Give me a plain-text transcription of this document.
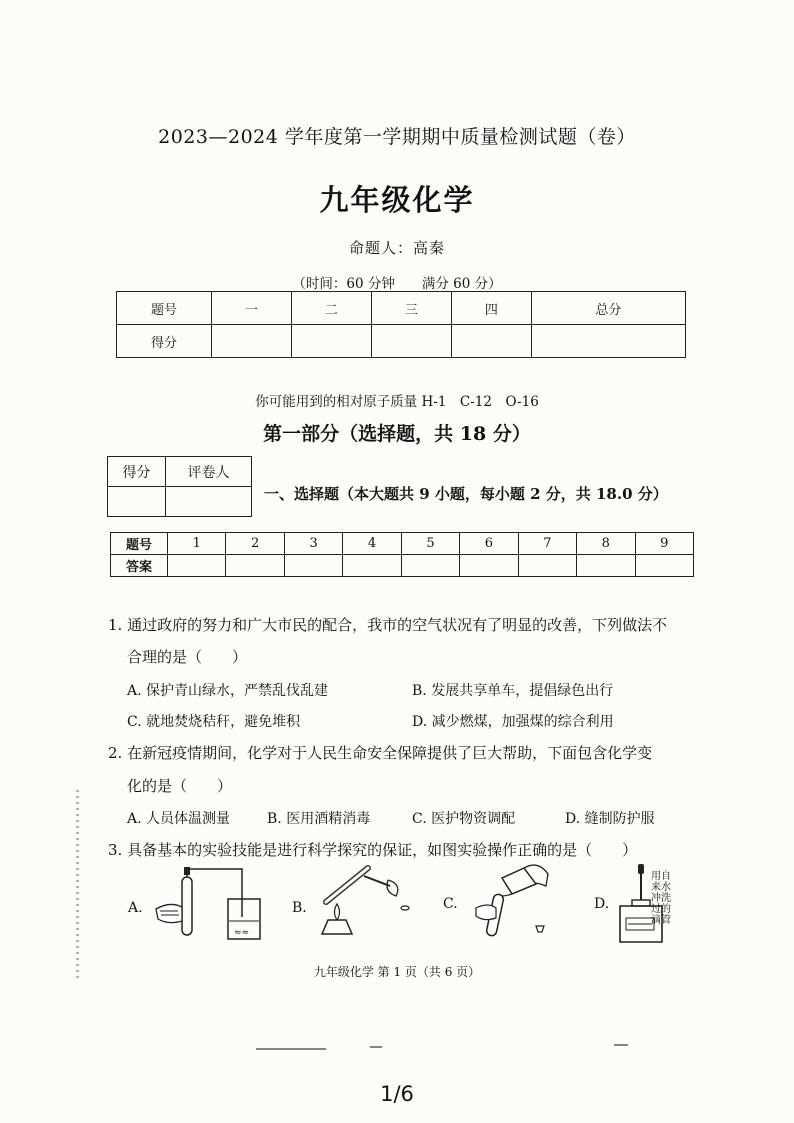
2023—2024 学年度第一学期期中质量检测试题（卷）
九年级化学
命题人：高秦
（时间：60 分钟　　满分 60 分）
题号	一	二	三	四	总分
得分					
你可能用到的相对原子质量 H-1　C-12　O-16
第一部分（选择题，共 18 分）
得分	评卷人

一、选择题（本大题共 9 小题，每小题 2 分，共 18.0 分）
题号	1	2	3	4	5	6	7	8	9
答案									
1. 通过政府的努力和广大市民的配合，我市的空气状况有了明显的改善，下列做法不
合理的是（　　）
A. 保护青山绿水，严禁乱伐乱建	B. 发展共享单车，提倡绿色出行
C. 就地焚烧秸秆，避免堆积	D. 减少燃煤，加强煤的综合利用
2. 在新冠疫情期间，化学对于人民生命安全保障提供了巨大帮助，下面包含化学变
化的是（　　）
A. 人员体温测量	B. 医用酒精消毒	C. 医护物资调配	D. 缝制防护服
3. 具备基本的实验技能是进行科学探究的保证，如图实验操作正确的是（　　）
A.
≈≈
B.	C.	D.
用自
来水
冲洗
过的
滴管
九年级化学 第 1 页（共 6 页）
1/6
